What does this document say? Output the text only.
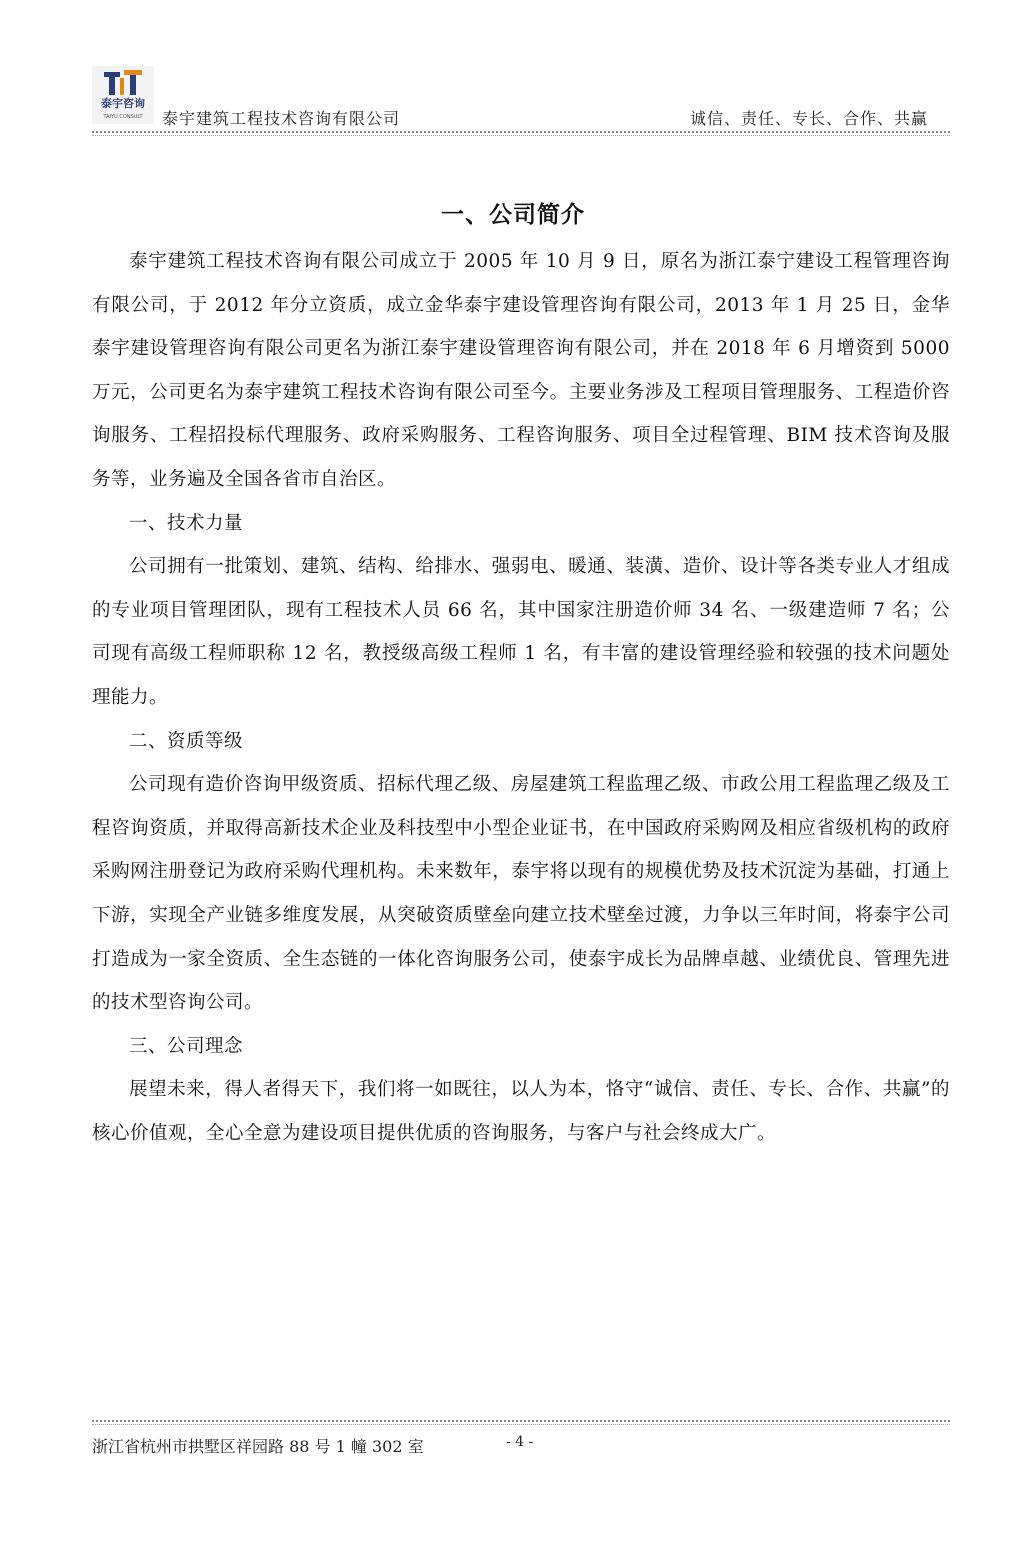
泰宇咨询
TAIYU CONSULT 泰宇建筑工程技术咨询有限公司	诚信、责任、专长、合作、共赢
一、公司简介

泰宇建筑工程技术咨询有限公司成立于 2005 年 10 月 9 日，原名为浙江泰宁建设工程管理咨询有限公司，于 2012 年分立资质，成立金华泰宇建设管理咨询有限公司，2013 年 1 月 25 日，金华泰宇建设管理咨询有限公司更名为浙江泰宇建设管理咨询有限公司，并在 2018 年 6 月增资到 5000 万元，公司更名为泰宇建筑工程技术咨询有限公司至今。主要业务涉及工程项目管理服务、工程造价咨询服务、工程招投标代理服务、政府采购服务、工程咨询服务、项目全过程管理、BIM 技术咨询及服务等，业务遍及全国各省市自治区。

一、技术力量

公司拥有一批策划、建筑、结构、给排水、强弱电、暖通、装潢、造价、设计等各类专业人才组成的专业项目管理团队，现有工程技术人员 66 名，其中国家注册造价师 34 名、一级建造师 7 名；公司现有高级工程师职称 12 名，教授级高级工程师 1 名，有丰富的建设管理经验和较强的技术问题处理能力。

二、资质等级

公司现有造价咨询甲级资质、招标代理乙级、房屋建筑工程监理乙级、市政公用工程监理乙级及工程咨询资质，并取得高新技术企业及科技型中小型企业证书，在中国政府采购网及相应省级机构的政府采购网注册登记为政府采购代理机构。未来数年，泰宇将以现有的规模优势及技术沉淀为基础，打通上下游，实现全产业链多维度发展，从突破资质壁垒向建立技术壁垒过渡，力争以三年时间，将泰宇公司打造成为一家全资质、全生态链的一体化咨询服务公司，使泰宇成长为品牌卓越、业绩优良、管理先进的技术型咨询公司。

三、公司理念

展望未来，得人者得天下，我们将一如既往，以人为本，恪守“诚信、责任、专长、合作、共赢”的核心价值观，全心全意为建设项目提供优质的咨询服务，与客户与社会终成大广。

浙江省杭州市拱墅区祥园路 88 号 1 幢 302 室	- 4 -
